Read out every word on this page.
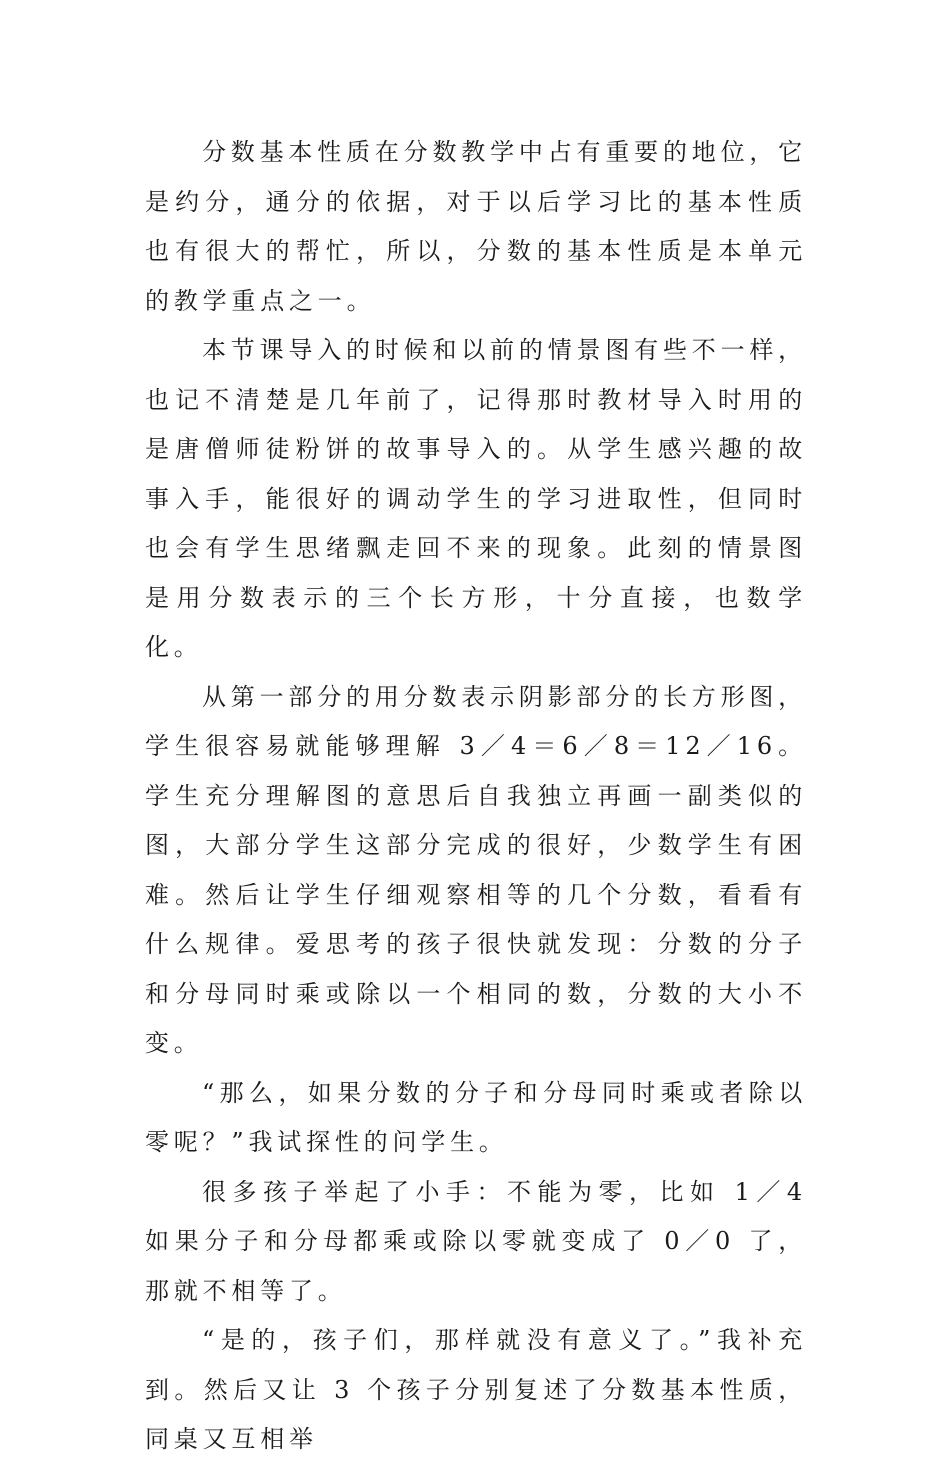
分数基本性质在分数教学中占有重要的地位，它是约分，通分的依据，对于以后学习比的基本性质也有很大的帮忙，所以，分数的基本性质是本单元的教学重点之一。

本节课导入的时候和以前的情景图有些不一样，也记不清楚是几年前了，记得那时教材导入时用的是唐僧师徒粉饼的故事导入的。从学生感兴趣的故事入手，能很好的调动学生的学习进取性，但同时也会有学生思绪飘走回不来的现象。此刻的情景图是用分数表示的三个长方形，十分直接，也数学化。

从第一部分的用分数表示阴影部分的长方形图，学生很容易就能够理解 3／4＝6／8＝12／16。学生充分理解图的意思后自我独立再画一副类似的图，大部分学生这部分完成的很好，少数学生有困难。然后让学生仔细观察相等的几个分数，看看有什么规律。爱思考的孩子很快就发现：分数的分子和分母同时乘或除以一个相同的数，分数的大小不变。

“那么，如果分数的分子和分母同时乘或者除以零呢？”我试探性的问学生。

很多孩子举起了小手：不能为零，比如 1／4 如果分子和分母都乘或除以零就变成了 0／0 了，那就不相等了。

“是的，孩子们，那样就没有意义了。”我补充到。然后又让 3 个孩子分别复述了分数基本性质，同桌又互相举
